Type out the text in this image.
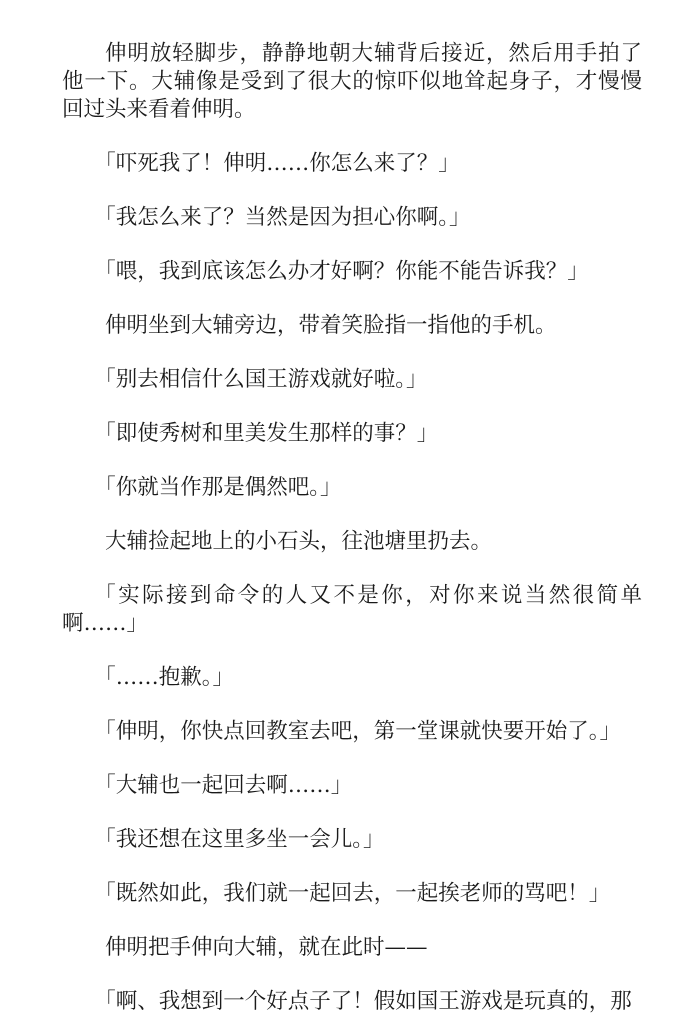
伸明放轻脚步，静静地朝大辅背后接近，然后用手拍了他一下。大辅像是受到了很大的惊吓似地耸起身子，才慢慢回过头来看着伸明。

「吓死我了！伸明……你怎么来了？」

「我怎么来了？当然是因为担心你啊。」

「喂，我到底该怎么办才好啊？你能不能告诉我？」

伸明坐到大辅旁边，带着笑脸指一指他的手机。

「别去相信什么国王游戏就好啦。」

「即使秀树和里美发生那样的事？」

「你就当作那是偶然吧。」

大辅捡起地上的小石头，往池塘里扔去。

「实际接到命令的人又不是你，对你来说当然很简单啊……」

「……抱歉。」

「伸明，你快点回教室去吧，第一堂课就快要开始了。」

「大辅也一起回去啊……」

「我还想在这里多坐一会儿。」

「既然如此，我们就一起回去，一起挨老师的骂吧！」

伸明把手伸向大辅，就在此时——

「啊、我想到一个好点子了！假如国王游戏是玩真的，那
